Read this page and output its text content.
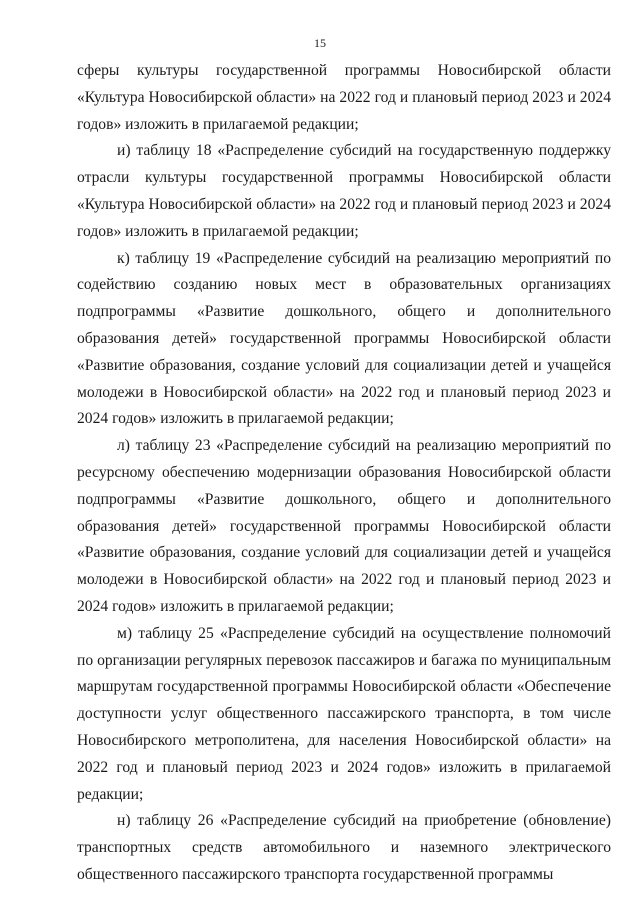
15

сферы культуры государственной программы Новосибирской области «Культура Новосибирской области» на 2022 год и плановый период 2023 и 2024 годов» изложить в прилагаемой редакции;

и) таблицу 18 «Распределение субсидий на государственную поддержку отрасли культуры государственной программы Новосибирской области «Культура Новосибирской области» на 2022 год и плановый период 2023 и 2024 годов» изложить в прилагаемой редакции;

к) таблицу 19 «Распределение субсидий на реализацию мероприятий по содействию созданию новых мест в образовательных организациях подпрограммы «Развитие дошкольного, общего и дополнительного образования детей» государственной программы Новосибирской области «Развитие образования, создание условий для социализации детей и учащейся молодежи в Новосибирской области» на 2022 год и плановый период 2023 и 2024 годов» изложить в прилагаемой редакции;

л) таблицу 23 «Распределение субсидий на реализацию мероприятий по ресурсному обеспечению модернизации образования Новосибирской области подпрограммы «Развитие дошкольного, общего и дополнительного образования детей» государственной программы Новосибирской области «Развитие образования, создание условий для социализации детей и учащейся молодежи в Новосибирской области» на 2022 год и плановый период 2023 и 2024 годов» изложить в прилагаемой редакции;

м) таблицу 25 «Распределение субсидий на осуществление полномочий по организации регулярных перевозок пассажиров и багажа по муниципальным маршрутам государственной программы Новосибирской области «Обеспечение доступности услуг общественного пассажирского транспорта, в том числе Новосибирского метрополитена, для населения Новосибирской области» на 2022 год и плановый период 2023 и 2024 годов» изложить в прилагаемой редакции;

н) таблицу 26 «Распределение субсидий на приобретение (обновление) транспортных средств автомобильного и наземного электрического общественного пассажирского транспорта государственной программы
